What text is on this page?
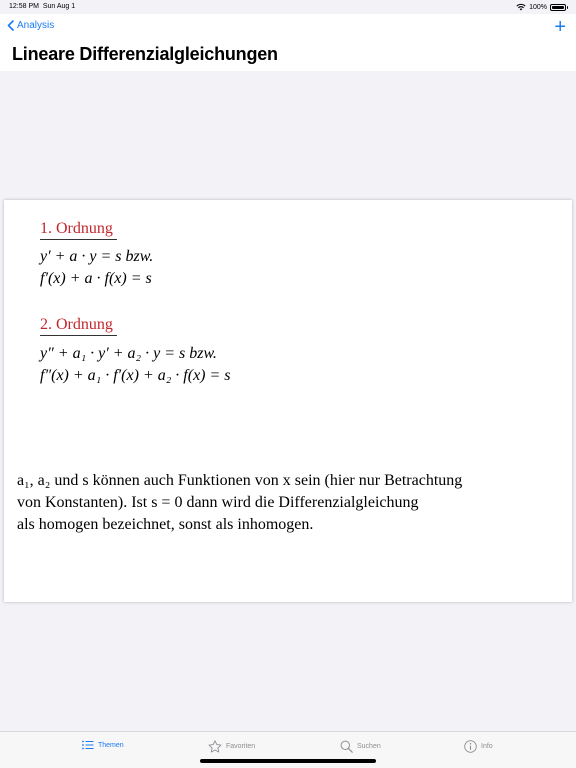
12:58 PM Sun Aug 1	100%
Analysis	+
Lineare Differenzialgleichungen
1. Ordnung
y′ + a · y = s bzw.
f′(x) + a · f(x) = s
2. Ordnung
y″ + a₁ · y′ + a₂ · y = s bzw.
f″(x) + a₁ · f′(x) + a₂ · f(x) = s
a₁, a₂ und s können auch Funktionen von x sein (hier nur Betrachtung
von Konstanten). Ist s = 0 dann wird die Differenzialgleichung
als homogen bezeichnet, sonst als inhomogen.
Themen	Favoriten	Suchen	Info
